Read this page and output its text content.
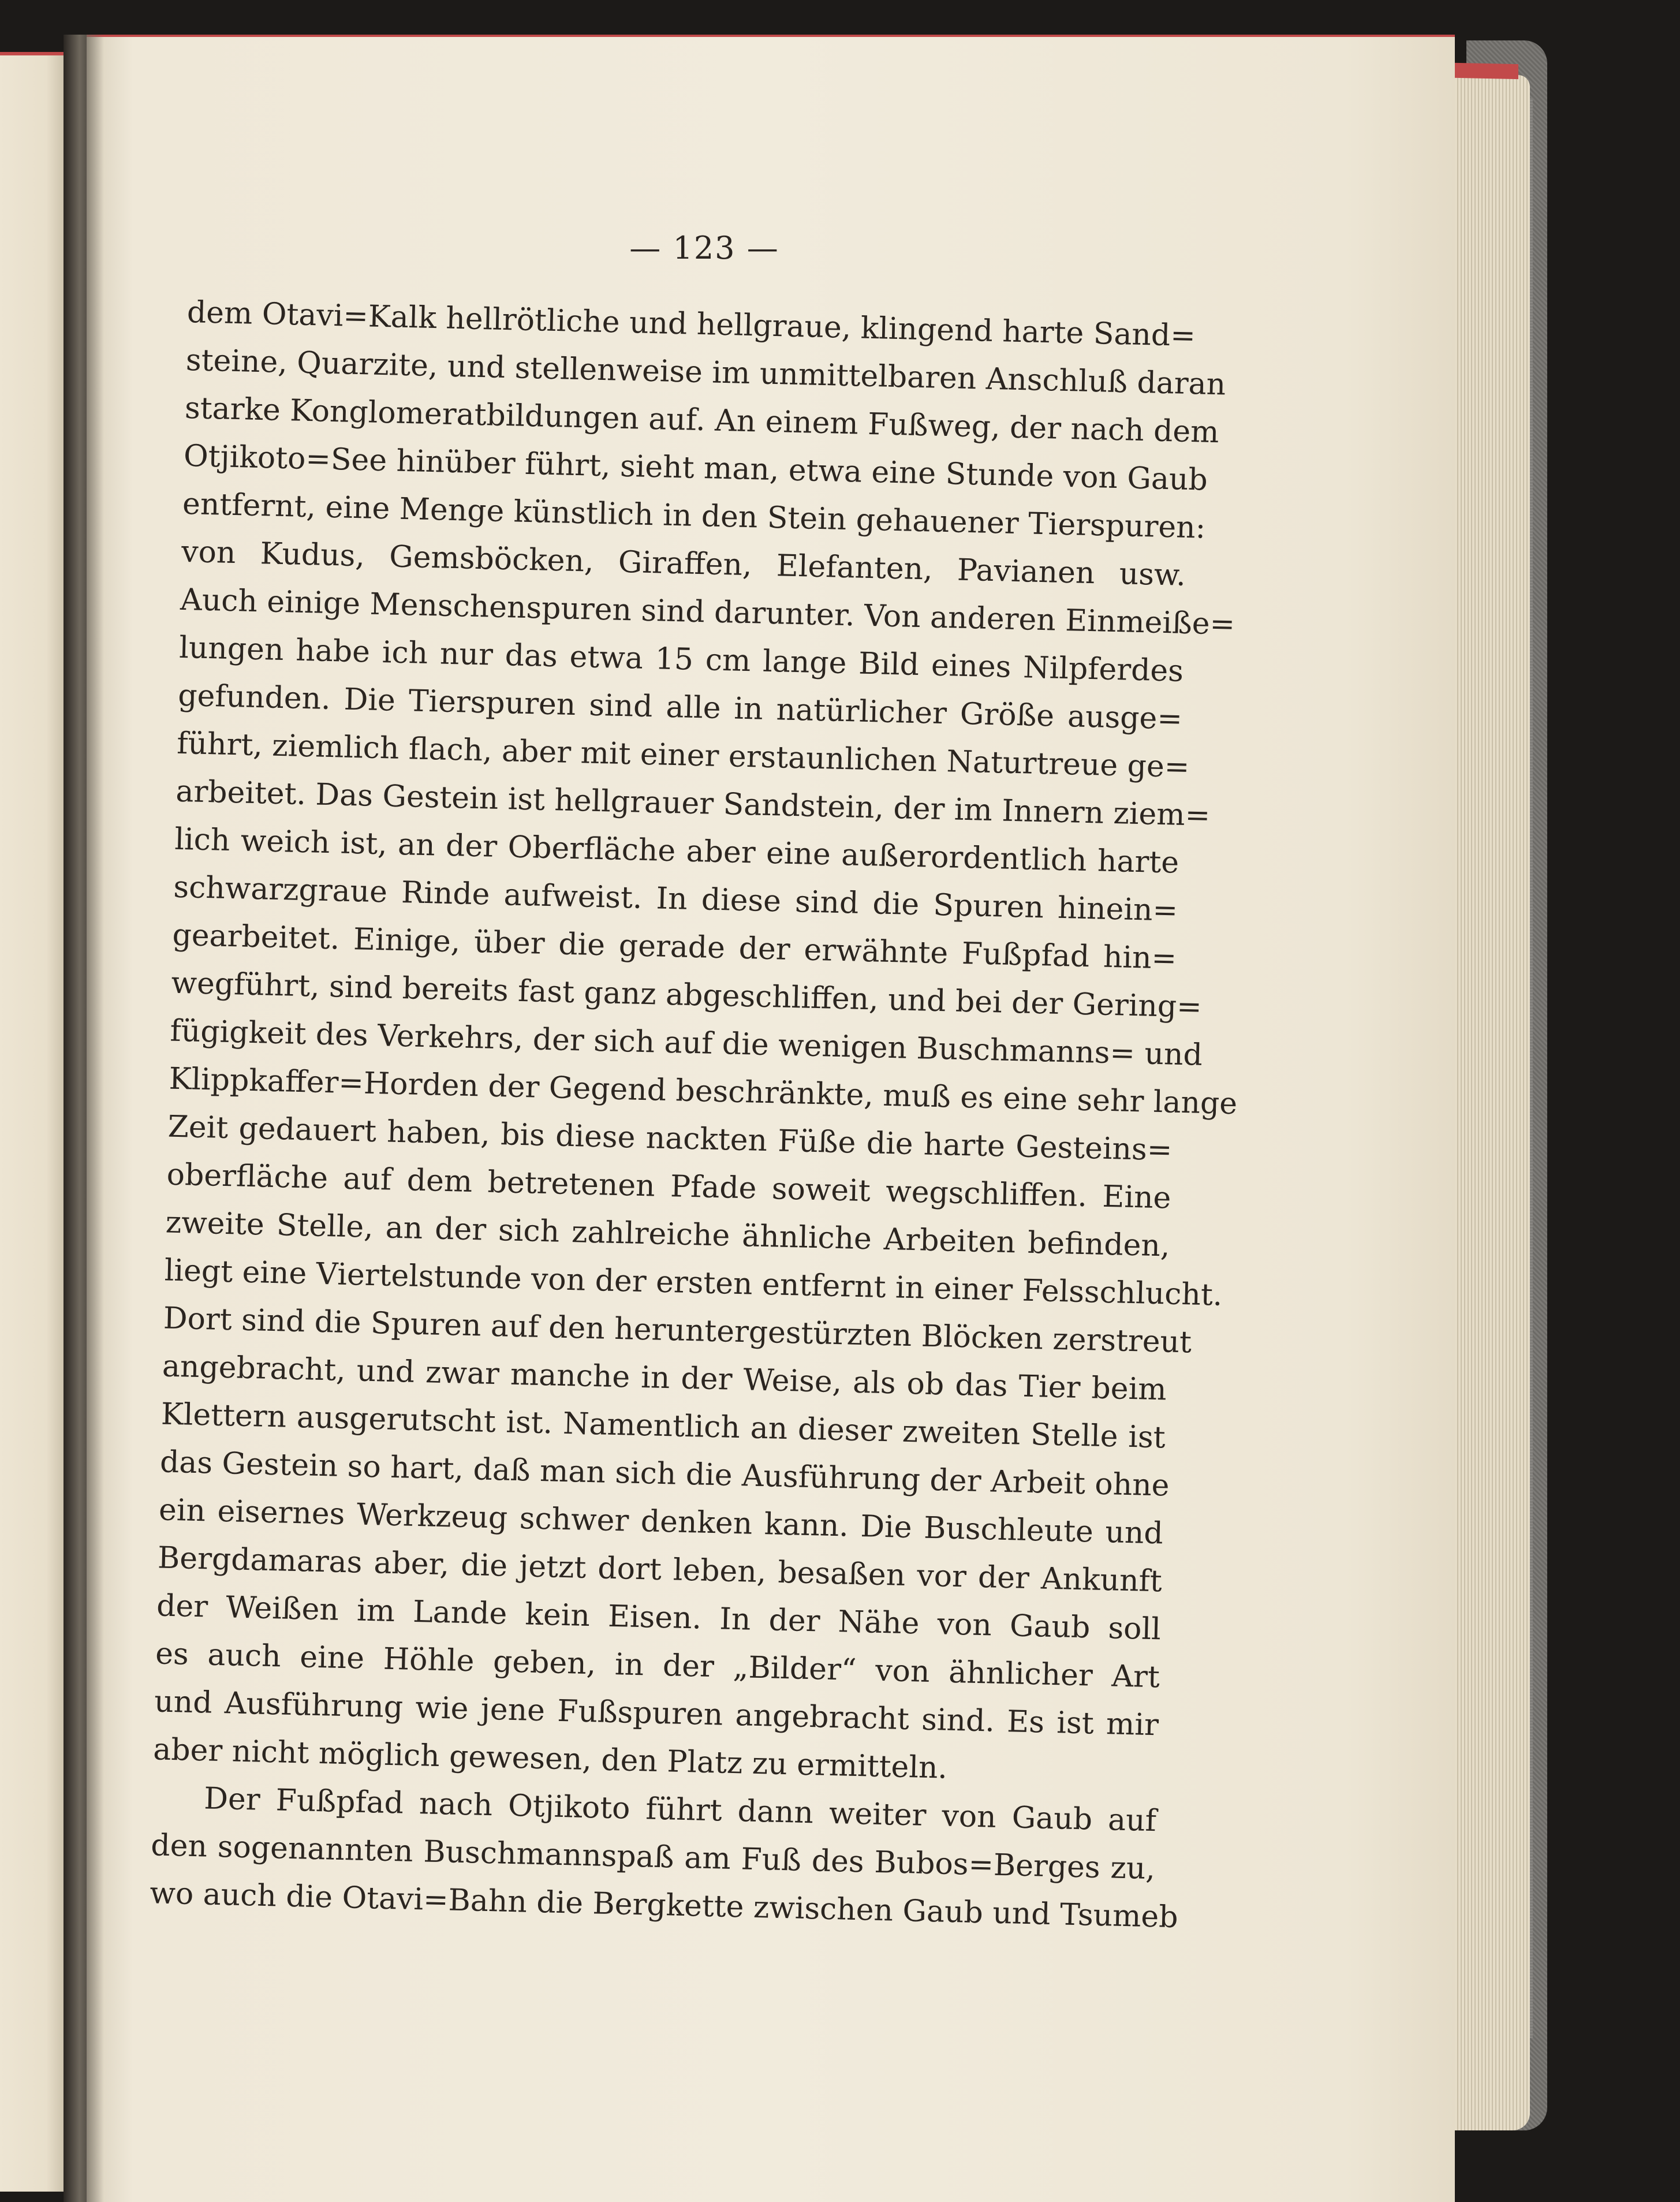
— 123 —
dem Otavi=Kalk hellrötliche und hellgraue, klingend harte Sand=
steine, Quarzite, und stellenweise im unmittelbaren Anschluß daran
starke Konglomeratbildungen auf. An einem Fußweg, der nach dem
Otjikoto=See hinüber führt, sieht man, etwa eine Stunde von Gaub
entfernt, eine Menge künstlich in den Stein gehauener Tierspuren:
von Kudus, Gemsböcken, Giraffen, Elefanten, Pavianen usw.
Auch einige Menschenspuren sind darunter. Von anderen Einmeiße=
lungen habe ich nur das etwa 15 cm lange Bild eines Nilpferdes
gefunden. Die Tierspuren sind alle in natürlicher Größe ausge=
führt, ziemlich flach, aber mit einer erstaunlichen Naturtreue ge=
arbeitet. Das Gestein ist hellgrauer Sandstein, der im Innern ziem=
lich weich ist, an der Oberfläche aber eine außerordentlich harte
schwarzgraue Rinde aufweist. In diese sind die Spuren hinein=
gearbeitet. Einige, über die gerade der erwähnte Fußpfad hin=
wegführt, sind bereits fast ganz abgeschliffen, und bei der Gering=
fügigkeit des Verkehrs, der sich auf die wenigen Buschmanns= und
Klippkaffer=Horden der Gegend beschränkte, muß es eine sehr lange
Zeit gedauert haben, bis diese nackten Füße die harte Gesteins=
oberfläche auf dem betretenen Pfade soweit wegschliffen. Eine
zweite Stelle, an der sich zahlreiche ähnliche Arbeiten befinden,
liegt eine Viertelstunde von der ersten entfernt in einer Felsschlucht.
Dort sind die Spuren auf den heruntergestürzten Blöcken zerstreut
angebracht, und zwar manche in der Weise, als ob das Tier beim
Klettern ausgerutscht ist. Namentlich an dieser zweiten Stelle ist
das Gestein so hart, daß man sich die Ausführung der Arbeit ohne
ein eisernes Werkzeug schwer denken kann. Die Buschleute und
Bergdamaras aber, die jetzt dort leben, besaßen vor der Ankunft
der Weißen im Lande kein Eisen. In der Nähe von Gaub soll
es auch eine Höhle geben, in der „Bilder“ von ähnlicher Art
und Ausführung wie jene Fußspuren angebracht sind. Es ist mir
aber nicht möglich gewesen, den Platz zu ermitteln.
Der Fußpfad nach Otjikoto führt dann weiter von Gaub auf
den sogenannten Buschmannspaß am Fuß des Bubos=Berges zu,
wo auch die Otavi=Bahn die Bergkette zwischen Gaub und Tsumeb
